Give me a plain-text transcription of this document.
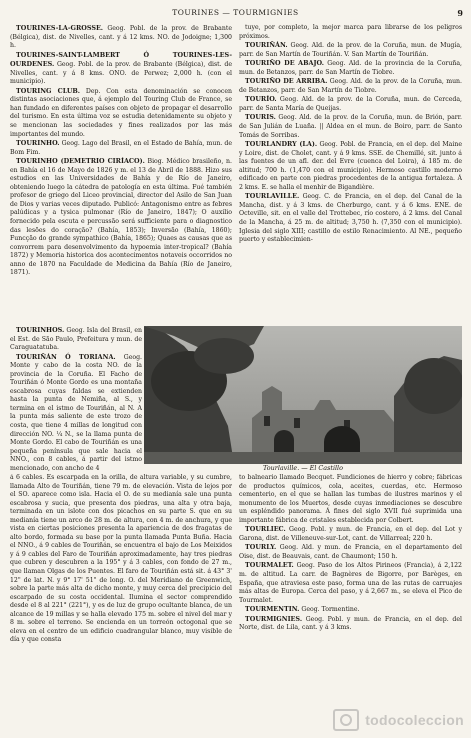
TOURINES — TOURMIGNIES	9

TOURINES-LA-GROSSE. Geog. Pobl. de la prov. de Brabante (Bélgica), dist. de Nivelles, cant. y á 12 kms. NO. de Jodoigne; 1,300 h.

TOURINES-SAINT-LAMBERT Ó TOURINES-LES-OURDENES. Geog. Pobl. de la prov. de Brabante (Bélgica), dist. de Nivelles, cant. y á 8 kms. ONO. de Perwez; 2,000 h. (con el municipio).

TOURING CLUB. Dep. Con esta denominación se conocen distintas asociaciones que, á ejemplo del Touring Club de France, se han fundado en diferentes países con objeto de propagar el desarrollo del turismo. En esta última voz se estudia detenidamente su objeto y se mencionan las sociedades y fines realizados por las más importantes del mundo.

TOURINHO. Geog. Lago del Brasil, en el Estado de Bahía, mun. de Bom Fim.

TOURINHO (DEMETRIO CIRÍACO). Biog. Médico brasileño, n. en Bahía el 16 de Mayo de 1826 y m. el 13 de Abril de 1888. Hizo sus estudios en las Universidades de Bahía y de Río de Janeiro, obteniendo luego la cátedra de patología en esta última. Fué también profesor de griego del Liceo provincial, director del Asilo de San Juan de Dios y varias veces diputado. Publicó: Antagonismo entre as febres palúdicas y a tysica pulmonar (Río de Janeiro, 1847); O auxilio fornecido pela escuta e percussão será sufficiente para o diagnostico das lesões do coração? (Bahía, 1853); Inversão (Bahía, 1860); Funcção do grande sympathico (Bahía, 1865); Quaes as causas que as convorrem para desenvolvimento da hypoemia inter-tropical? (Bahía 1872) y Memoria historica dos acontecimentos notaveis occorridos no anno de 1870 na Faculdade de Medicina da Bahía (Río de Janeiro, 1871).

tuye, por completo, la mejor marca para librarse de los peligros próximos.

TOURIÑÁN. Geog. Ald. de la prov. de la Coruña, mun. de Mugía, parr. de San Martín de Touriñán. V. San Martín de Touriñán.

TOURIÑO DE ABAJO. Geog. Ald. de la provincia de la Coruña, mun. de Betanzos, parr. de San Martín de Tiobre.

TOURIÑO DE ARRIBA. Geog. Ald. de la prov. de la Coruña, mun. de Betanzos, parr. de San Martín de Tiobre.

TOURÍO. Geog. Ald. de la prov. de la Coruña, mun. de Cerceda, parr. de Santa María de Queijas.

TOURIS. Geog. Ald. de la prov. de la Coruña, mun. de Brión, parr. de San Julián de Luaña. || Aldea en el mun. de Boiro, parr. de Santo Tomás de Sorribas.

TOURLANDRY (LA). Geog. Pobl. de Francia, en el dep. del Maine y Loire, dist. de Cholet, cant. y á 9 kms. SSE. de Chemillé, sit. junto á las fuentes de un afl. der. del Evre (cuenca del Loira), á 185 m. de altitud; 700 h. (1,470 con el municipio). Hermoso castillo moderno edificado en parte con piedras procedentes de la antigua fortaleza. Á 2 kms. E. se halla el menhir de Bigandière.

TOURLAVILLE. Geog. C. de Francia, en el dep. del Canal de la Mancha, dist. y á 3 kms. de Cherburgo, cant. y á 6 kms. ENE. de Octeville, sit. en el valle del Trottebec, río costero, á 2 kms. del Canal de la Mancha, á 25 m. de altitud; 3,750 h. (7,350 con el municipio). Iglesia del siglo XIII; castillo de estilo Renacimiento. Al NE., pequeño puerto y establecimien-

TOURINHOS. Geog. Isla del Brasil, en el Est. de São Paulo, Prefeitura y mun. de Caraguatatuba.

TOURIÑÁN Ó TORIANA. Geog. Monte y cabo de la costa NO. de la provincia de la Coruña. El Facho de Touriñán ó Monte Gordo es una montaña escabrosa cuyas faldas se extienden hasta la punta de Nemiña, al S., y termina en el istmo de Touriñán, al N. A la punta más saliente de este trozo de costa, que tiene 4 millas de longitud con dirección NO. ¼ N., se la llama punta de Monte Gordo. El cabo de Touriñán es una pequeña península que sale hacia el NNO., con 8 cables, á partir del istmo mencionado, con ancho de 4	Tourlaville. — El Castillo

á 6 cables. Es escarpada en la orilla, de altura variable, y su cumbre, llamada Alto de Touriñán, tiene 79 m. de elevación. Vista de lejos por el SO. aparece como isla. Hacia el O. de su medianía sale una punta escabrosa y sucia, que presenta dos piedras, una alta y otra baja, terminada en un islote con dos picachos en su parte S. que en su medianía tiene un arco de 28 m. de altura, con 4 m. de anchura, y que vista en ciertas posiciones presenta la apariencia de dos fragatas de alto bordo, formada su base por la punta llamada Punta Buña. Hacia el NNO., á 9 cables de Touriñán, se encuentra el bajo de Los Meixidos y á 9 cables del Faro de Touriñán aproximadamente, hay tres piedras que cubren y descubren a la 195° y á 3 cables, con fondo de 27 m., que llaman Olgas de los Puentes. El faro de Touriñán está sit. á 43° 3' 12" de lat. N. y 9° 17' 51" de long. O. del Meridiano de Greenwich, sobre la parte más alta de dicho monte, y muy cerca del precipicio del escarpado de su costa occidental. Ilumina el sector comprendido desde el 8 al 221° (221°), y es de luz de grupo ocultante blanca, de un alcance de 19 millas y se halla elevado 175 m. sobre el nivel del mar y 8 m. sobre el terreno. Se encienda en un torreón octogonal que se eleva en el centro de un edificio cuadrangular blanco, muy visible de día y que consta

to balneario llamado Becquet. Fundiciones de hierro y cobre; fábricas de productos químicos, cola, aceites, cuerdas, etc. Hermoso cementerio, en el que se hallan las tumbas de ilustres marinos y el monumento de los Muertos, desde cuyas inmediaciones se descubre un espléndido panorama. Á fines del siglo XVII fué suprimida una importante fábrica de cristales establecida por Colbert.

TOURLIEC. Geog. Pobl. y mun. de Francia, en el dep. del Lot y Garona, dist. de Villeneuve-sur-Lot, cant. de Villarreal; 220 h.

TOURLY. Geog. Ald. y mun. de Francia, en el departamento del Oise, dist. de Beauvais, cant. de Chaumont; 150 h.

TOURMALET. Geog. Paso de los Altos Pirineos (Francia), á 2,122 m. de altitud. La carr. de Bagnères de Bigorre, por Barèges, en España, que atraviesa este paso, forma una de las rutas de carruajes más altas de Europa. Cerca del paso, y á 2,667 m., se eleva el Pico de Tourmalet.

TOURMENTIN. Geog. Tormentine.

TOURMIGNIES. Geog. Pobl. y mun. de Francia, en el dep. del Norte, dist. de Lila, cant. y á 3 kms.

todocoleccion
